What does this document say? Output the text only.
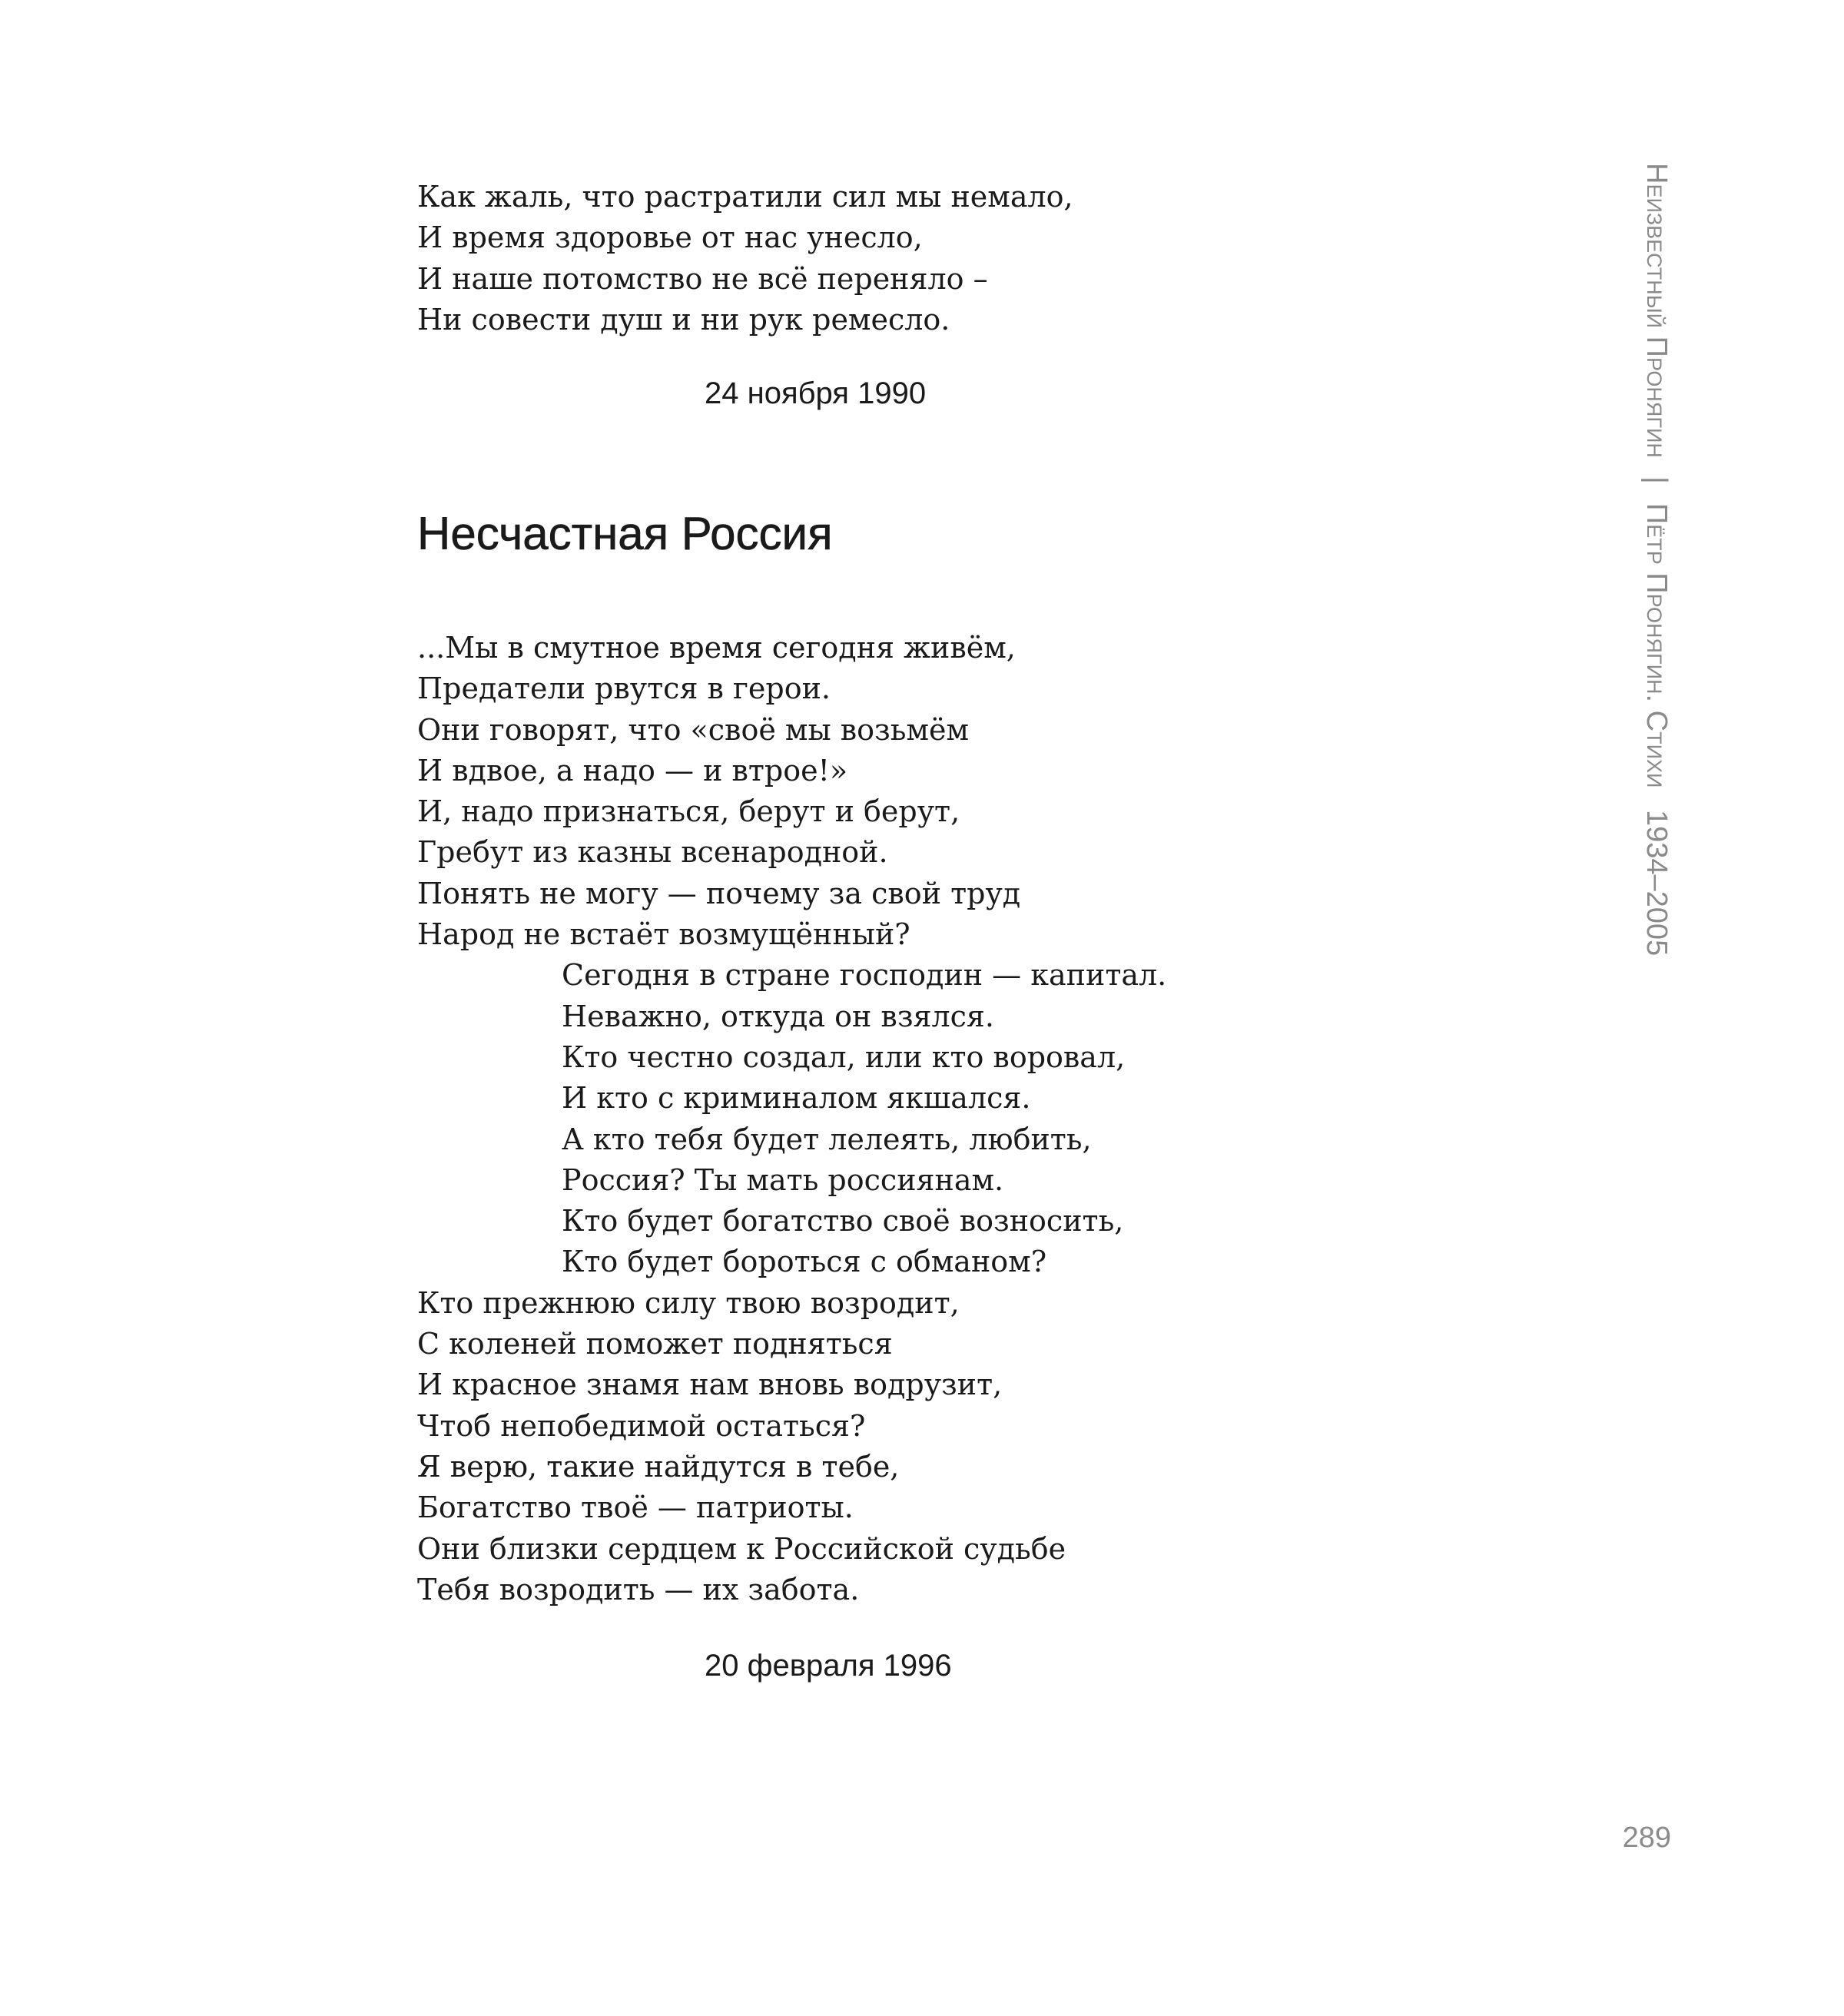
Как жаль, что растратили сил мы немало,
И время здоровье от нас унесло,
И наше потомство не всё переняло –
Ни совести душ и ни рук ремесло.
24 ноября 1990
Несчастная Россия
...Мы в смутное время сегодня живём,
Предатели рвутся в герои.
Они говорят, что «своё мы возьмём
И вдвое, а надо — и втрое!»
И, надо признаться, берут и берут,
Гребут из казны всенародной.
Понять не могу — почему за свой труд
Народ не встаёт возмущённый?
Сегодня в стране господин — капитал.
Неважно, откуда он взялся.
Кто честно создал, или кто воровал,
И кто с криминалом якшался.
А кто тебя будет лелеять, любить,
Россия? Ты мать россиянам.
Кто будет богатство своё возносить,
Кто будет бороться с обманом?
Кто прежнюю силу твою возродит,
С коленей поможет подняться
И красное знамя нам вновь водрузит,
Чтоб непобедимой остаться?
Я верю, такие найдутся в тебе,
Богатство твоё — патриоты.
Они близки сердцем к Российской судьбе
Тебя возродить — их забота.
20 февраля 1996
Неизвестный Пронягин | Пётр Пронягин. Стихи 1934–2005
289
